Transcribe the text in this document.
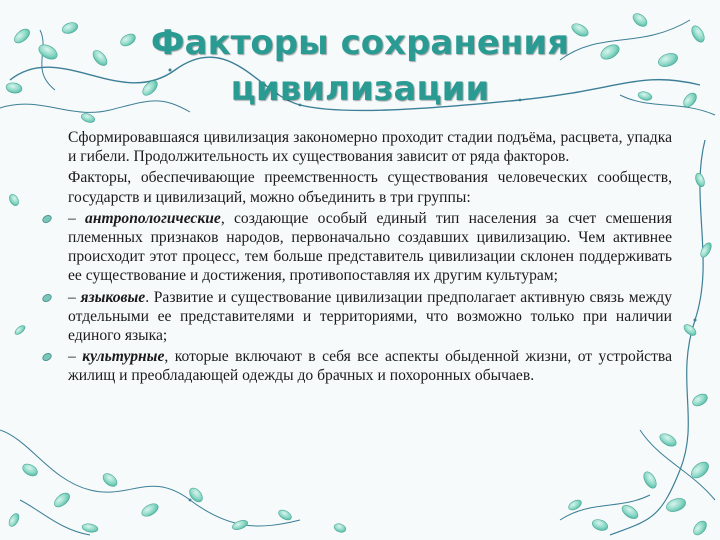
Факторы сохранения
цивилизации

Сформировавшаяся цивилизация закономерно проходит стадии подъёма, расцвета, упадка и гибели. Продолжительность их существования зависит от ряда факторов.

Факторы, обеспечивающие преемственность существования человеческих сообществ, государств и цивилизаций, можно объединить в три группы:

– антропологические, создающие особый единый тип населения за счет смешения племенных признаков народов, первоначально создавших цивилизацию. Чем активнее происходит этот процесс, тем больше представитель цивилизации склонен поддерживать ее существование и достижения, противопоставляя их другим культурам;

– языковые. Развитие и существование цивилизации предполагает активную связь между отдельными ее представителями и территориями, что возможно только при наличии единого языка;

– культурные, которые включают в себя все аспекты обыденной жизни, от устройства жилищ и преобладающей одежды до брачных и похоронных обычаев.
